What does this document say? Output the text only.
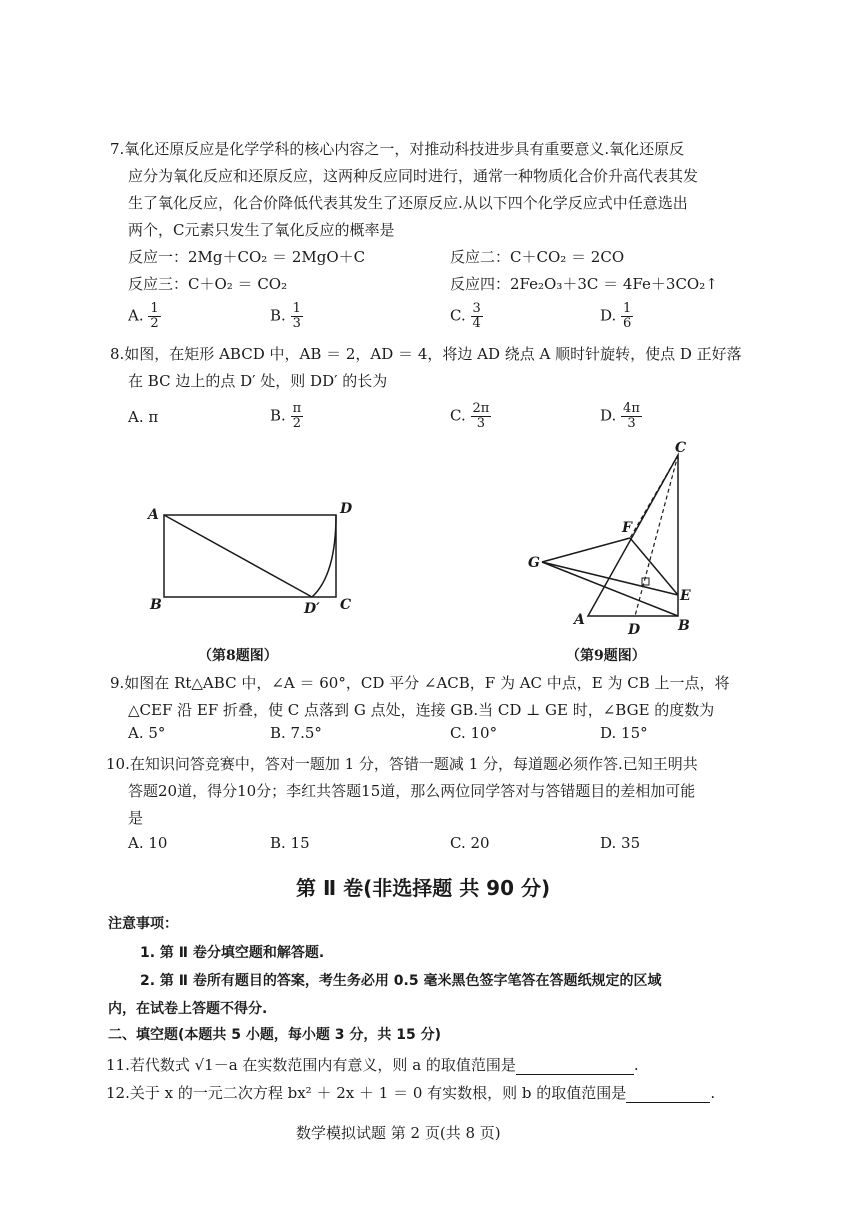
7.氧化还原反应是化学学科的核心内容之一，对推动科技进步具有重要意义.氧化还原反
应分为氧化反应和还原反应，这两种反应同时进行，通常一种物质化合价升高代表其发
生了氧化反应，化合价降低代表其发生了还原反应.从以下四个化学反应式中任意选出
两个，C元素只发生了氧化反应的概率是
反应一：2Mg＋CO₂ ＝ 2MgO＋C	反应二：C＋CO₂ ＝ 2CO
反应三：C＋O₂ ＝ CO₂	反应四：2Fe₂O₃＋3C ＝ 4Fe＋3CO₂↑
A. $\frac{1}{2}$	B. $\frac{1}{3}$	C. $\frac{3}{4}$	D. $\frac{1}{6}$
8.如图，在矩形 ABCD 中，AB ＝ 2，AD ＝ 4，将边 AD 绕点 A 顺时针旋转，使点 D 正好落
在 BC 边上的点 D′ 处，则 DD′ 的长为
A. π	B. $\frac{\pi}{2}$	C. $\frac{2\pi}{3}$	D. $\frac{4\pi}{3}$
A	D
B	D′ C
（第8题图）
C
F
G
E
A
D	B
（第9题图）
9.如图在 Rt△ABC 中，∠A ＝ 60°，CD 平分 ∠ACB，F 为 AC 中点，E 为 CB 上一点，将
△CEF 沿 EF 折叠，使 C 点落到 G 点处，连接 GB.当 CD ⊥ GE 时，∠BGE 的度数为
A. 5°	B. 7.5°	C. 10°	D. 15°
10.在知识问答竞赛中，答对一题加 1 分，答错一题减 1 分，每道题必须作答.已知王明共
答题20道，得分10分；李红共答题15道，那么两位同学答对与答错题目的差相加可能
是
A. 10	B. 15	C. 20	D. 35
第 Ⅱ 卷(非选择题 共 90 分)
注意事项：
1. 第 Ⅱ 卷分填空题和解答题.
2. 第 Ⅱ 卷所有题目的答案，考生务必用 0.5 毫米黑色签字笔答在答题纸规定的区域
内，在试卷上答题不得分.
二、填空题(本题共 5 小题，每小题 3 分，共 15 分)
11.若代数式 √1－a 在实数范围内有意义，则 a 的取值范围是	.
12.关于 x 的一元二次方程 bx² ＋ 2x ＋ 1 ＝ 0 有实数根，则 b 的取值范围是	.
数学模拟试题 第 2 页(共 8 页)
